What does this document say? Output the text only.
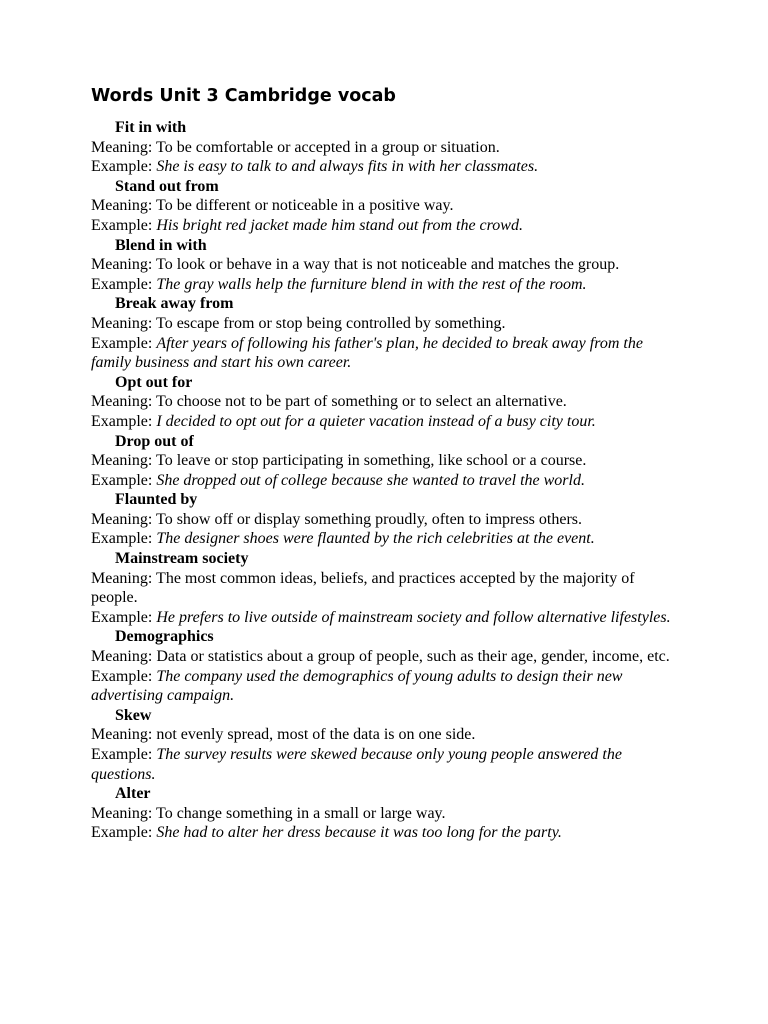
Words Unit 3 Cambridge vocab

Fit in with

Meaning: To be comfortable or accepted in a group or situation.

Example: She is easy to talk to and always fits in with her classmates.

Stand out from

Meaning: To be different or noticeable in a positive way.

Example: His bright red jacket made him stand out from the crowd.

Blend in with

Meaning: To look or behave in a way that is not noticeable and matches the group.

Example: The gray walls help the furniture blend in with the rest of the room.

Break away from

Meaning: To escape from or stop being controlled by something.

Example: After years of following his father's plan, he decided to break away from the family business and start his own career.

Opt out for

Meaning: To choose not to be part of something or to select an alternative.

Example: I decided to opt out for a quieter vacation instead of a busy city tour.

Drop out of

Meaning: To leave or stop participating in something, like school or a course.

Example: She dropped out of college because she wanted to travel the world.

Flaunted by

Meaning: To show off or display something proudly, often to impress others.

Example: The designer shoes were flaunted by the rich celebrities at the event.

Mainstream society

Meaning: The most common ideas, beliefs, and practices accepted by the majority of people.

Example: He prefers to live outside of mainstream society and follow alternative lifestyles.

Demographics

Meaning: Data or statistics about a group of people, such as their age, gender, income, etc.

Example: The company used the demographics of young adults to design their new advertising campaign.

Skew

Meaning: not evenly spread, most of the data is on one side.

Example: The survey results were skewed because only young people answered the questions.

Alter

Meaning: To change something in a small or large way.

Example: She had to alter her dress because it was too long for the party.
